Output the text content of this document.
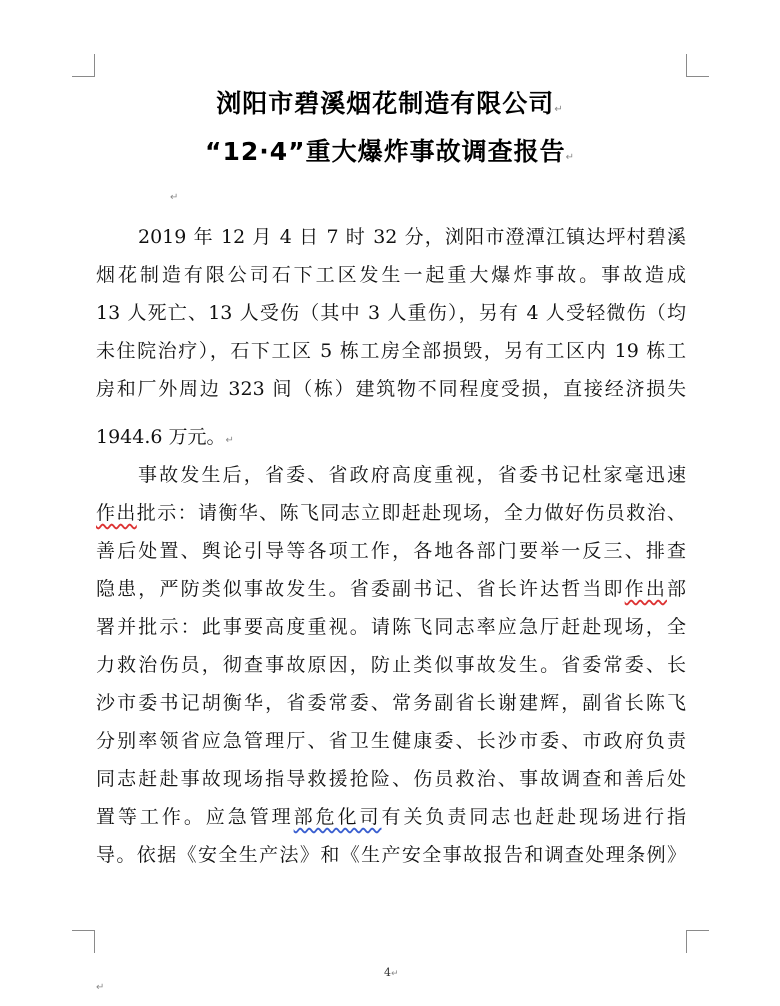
浏阳市碧溪烟花制造有限公司↵
“12·4”重大爆炸事故调查报告↵
↵
2019 年 12 月 4 日 7 时 32 分，浏阳市澄潭江镇达坪村碧溪
烟花制造有限公司石下工区发生一起重大爆炸事故。事故造成
13 人死亡、13 人受伤（其中 3 人重伤），另有 4 人受轻微伤（均
未住院治疗），石下工区 5 栋工房全部损毁，另有工区内 19 栋工
房和厂外周边 323 间（栋）建筑物不同程度受损，直接经济损失
1944.6 万元。↵
事故发生后，省委、省政府高度重视，省委书记杜家毫迅速
作出批示：请衡华、陈飞同志立即赶赴现场，全力做好伤员救治、
善后处置、舆论引导等各项工作，各地各部门要举一反三、排查
隐患，严防类似事故发生。省委副书记、省长许达哲当即作出部
署并批示：此事要高度重视。请陈飞同志率应急厅赶赴现场，全
力救治伤员，彻查事故原因，防止类似事故发生。省委常委、长
沙市委书记胡衡华，省委常委、常务副省长谢建辉，副省长陈飞
分别率领省应急管理厅、省卫生健康委、长沙市委、市政府负责
同志赶赴事故现场指导救援抢险、伤员救治、事故调查和善后处
置等工作。应急管理部危化司有关负责同志也赶赴现场进行指
导。依据《安全生产法》和《生产安全事故报告和调查处理条例》
4↵
↵
